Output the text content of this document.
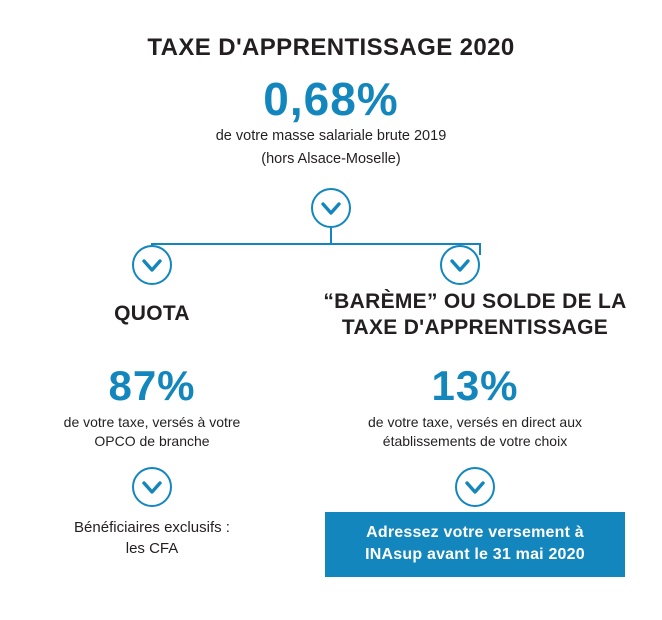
TAXE D'APPRENTISSAGE 2020
0,68%
de votre masse salariale brute 2019
(hors Alsace-Moselle)
QUOTA
87%
de votre taxe, versés à votre
OPCO de branche
Bénéficiaires exclusifs :
les CFA
“BARÈME” OU SOLDE DE LA
TAXE D'APPRENTISSAGE
13%
de votre taxe, versés en direct aux
établissements de votre choix
Adressez votre versement à
INAsup avant le 31 mai 2020
